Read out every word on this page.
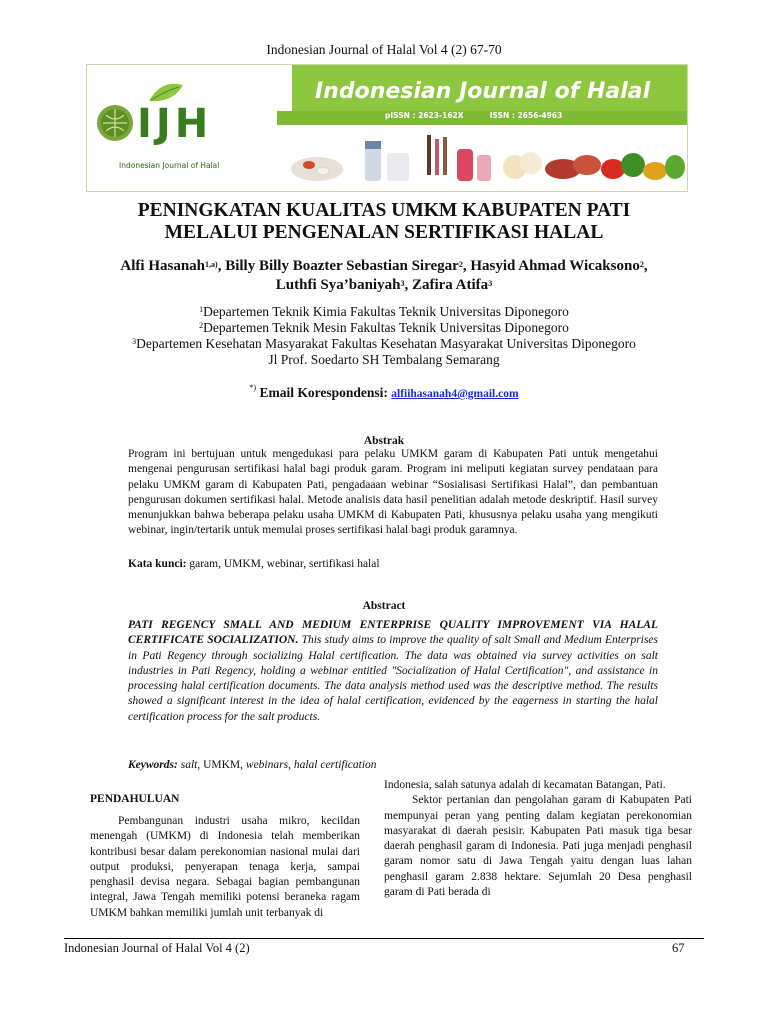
Indonesian Journal of Halal Vol 4 (2) 67-70
Indonesian Journal of Halal
pISSN : 2623-162X	ISSN : 2656-4963
IJH
Indonesian Journal of Halal
PENINGKATAN KUALITAS UMKM KABUPATEN PATI
MELALUI PENGENALAN SERTIFIKASI HALAL
Alfi Hasanah$^{1,a)}$, Billy Billy Boazter Sebastian Siregar$^2$, Hasyid Ahmad Wicaksono$^2$,
Luthfi Sya’baniyah$^3$, Zafira Atifa$^3$
$^1$Departemen Teknik Kimia Fakultas Teknik Universitas Diponegoro
$^2$Departemen Teknik Mesin Fakultas Teknik Universitas Diponegoro
$^3$Departemen Kesehatan Masyarakat Fakultas Kesehatan Masyarakat Universitas Diponegoro
Jl Prof. Soedarto SH Tembalang Semarang
*) Email Korespondensi: alfiihasanah4@gmail.com
Abstrak
Program ini bertujuan untuk mengedukasi para pelaku UMKM garam di Kabupaten Pati untuk mengetahui mengenai pengurusan sertifikasi halal bagi produk garam. Program ini meliputi kegiatan survey pendataan para pelaku UMKM garam di Kabupaten Pati, pengadaaan webinar “Sosialisasi Sertifikasi Halal”, dan pembantuan pengurusan dokumen sertifikasi halal. Metode analisis data hasil penelitian adalah metode deskriptif. Hasil survey menunjukkan bahwa beberapa pelaku usaha UMKM di Kabupaten Pati, khususnya pelaku usaha yang mengikuti webinar, ingin/tertarik untuk memulai proses sertifikasi halal bagi produk garamnya.
Kata kunci: garam, UMKM, webinar, sertifikasi halal
Abstract
PATI REGENCY SMALL AND MEDIUM ENTERPRISE QUALITY IMPROVEMENT VIA HALAL CERTIFICATE SOCIALIZATION. This study aims to improve the quality of salt Small and Medium Enterprises in Pati Regency through socializing Halal certification. The data was obtained via survey activities on salt industries in Pati Regency, holding a webinar entitled "Socialization of Halal Certification", and assistance in processing halal certification documents. The data analysis method used was the descriptive method. The results showed a significant interest in the idea of halal certification, evidenced by the eagerness in starting the halal certification process for the salt products.
Keywords: salt, UMKM, webinars, halal certification
PENDAHULUAN
Pembangunan industri usaha mikro, kecildan menengah (UMKM) di Indonesia telah memberikan kontribusi besar dalam perekonomian nasional mulai dari output produksi, penyerapan tenaga kerja, sampai penghasil devisa negara. Sebagai bagian pembangunan integral, Jawa Tengah memiliki potensi beraneka ragam UMKM bahkan memiliki jumlah unit terbanyak di
Indonesia, salah satunya adalah di kecamatan Batangan, Pati.
Sektor pertanian dan pengolahan garam di Kabupaten Pati mempunyai peran yang penting dalam kegiatan perekonomian masyarakat di daerah pesisir. Kabupaten Pati masuk tiga besar daerah penghasil garam di Indonesia. Pati juga menjadi penghasil garam nomor satu di Jawa Tengah yaitu dengan luas lahan penghasil garam 2.838 hektare. Sejumlah 20 Desa penghasil garam di Pati berada di
Indonesian Journal of Halal Vol 4 (2)	67
